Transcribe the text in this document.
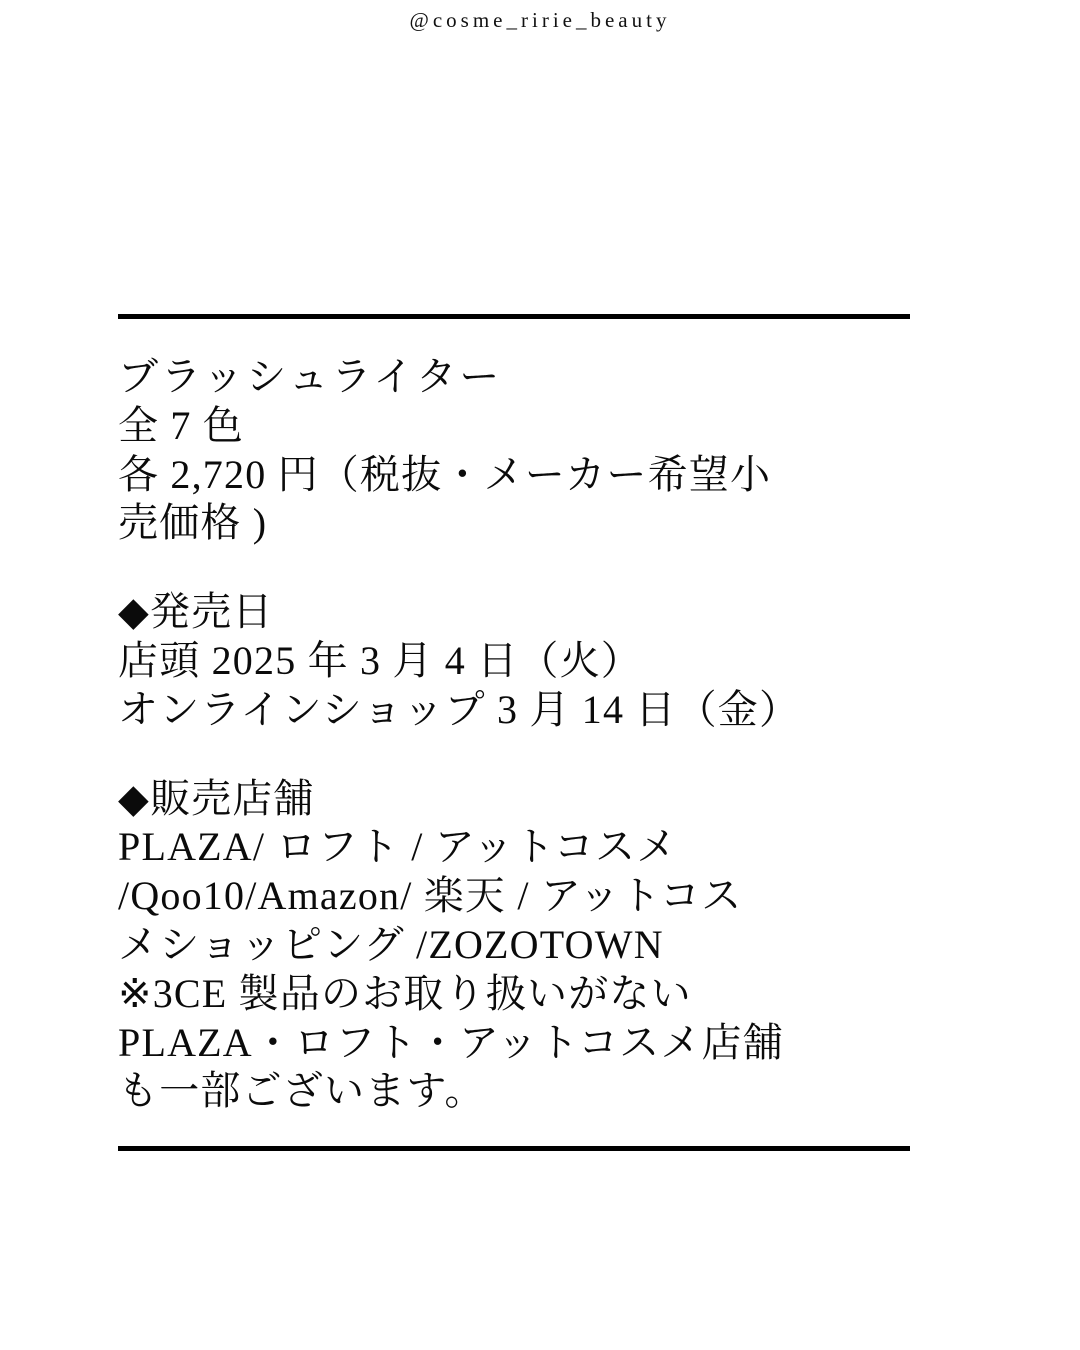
@cosme_ririe_beauty
ブラッシュライター
全 7 色
各 2,720 円（税抜・メーカー希望小
売価格 )
◆発売日
店頭 2025 年 3 月 4 日（火）
オンラインショップ 3 月 14 日（金）
◆販売店舗
PLAZA/ ロフト / アットコスメ
/Qoo10/Amazon/ 楽天 / アットコス
メショッピング /ZOZOTOWN
※3CE 製品のお取り扱いがない
PLAZA・ロフト・アットコスメ店舗
も一部ございます。
